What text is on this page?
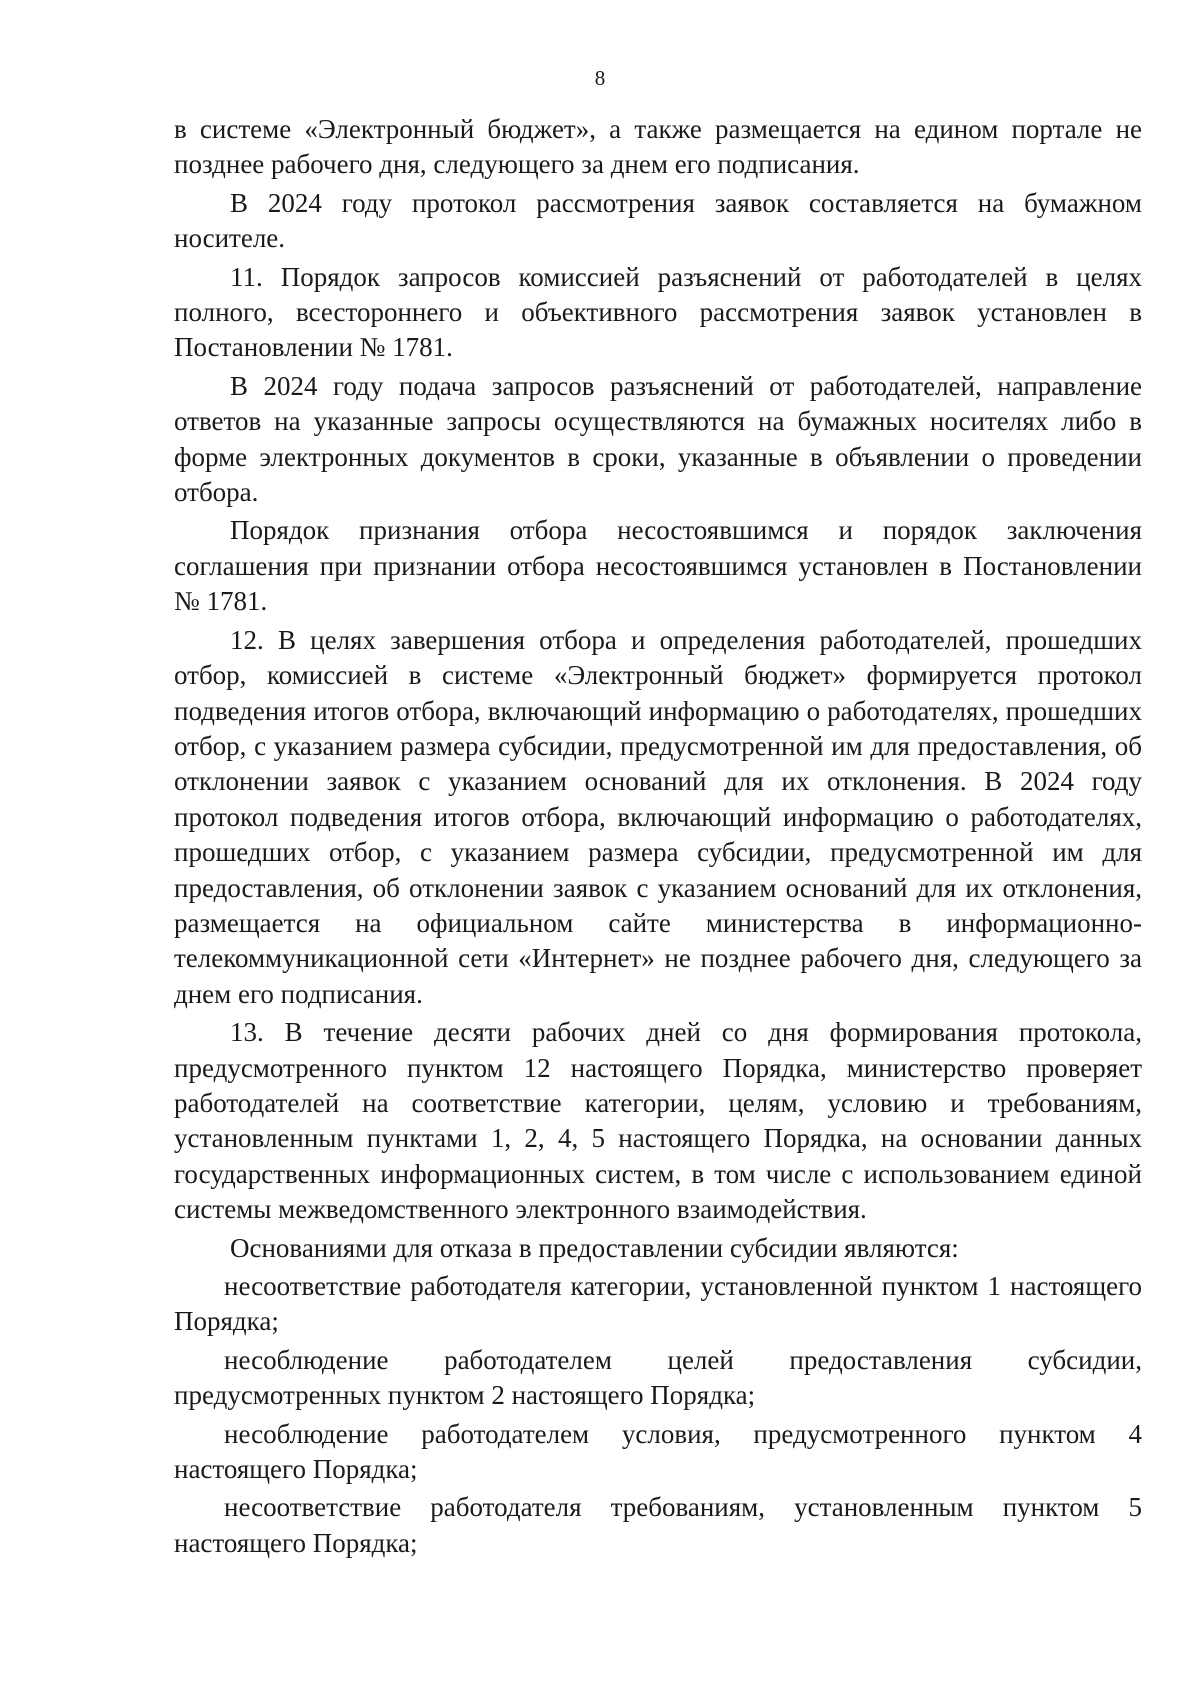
8

в системе «Электронный бюджет», а также размещается на едином портале не позднее рабочего дня, следующего за днем его подписания.

В 2024 году протокол рассмотрения заявок составляется на бумажном носителе.

11. Порядок запросов комиссией разъяснений от работодателей в целях полного, всестороннего и объективного рассмотрения заявок установлен в Постановлении № 1781.

В 2024 году подача запросов разъяснений от работодателей, направление ответов на указанные запросы осуществляются на бумажных носителях либо в форме электронных документов в сроки, указанные в объявлении о проведении отбора.

Порядок признания отбора несостоявшимся и порядок заключения соглашения при признании отбора несостоявшимся установлен в Постановлении № 1781.

12. В целях завершения отбора и определения работодателей, прошедших отбор, комиссией в системе «Электронный бюджет» формируется протокол подведения итогов отбора, включающий информацию о работодателях, прошедших отбор, с указанием размера субсидии, предусмотренной им для предоставления, об отклонении заявок с указанием оснований для их отклонения. В 2024 году протокол подведения итогов отбора, включающий информацию о работодателях, прошедших отбор, с указанием размера субсидии, предусмотренной им для предоставления, об отклонении заявок с указанием оснований для их отклонения, размещается на официальном сайте министерства в информационно-телекоммуникационной сети «Интернет» не позднее рабочего дня, следующего за днем его подписания.

13. В течение десяти рабочих дней со дня формирования протокола, предусмотренного пунктом 12 настоящего Порядка, министерство проверяет работодателей на соответствие категории, целям, условию и требованиям, установленным пунктами 1, 2, 4, 5 настоящего Порядка, на основании данных государственных информационных систем, в том числе с использованием единой системы межведомственного электронного взаимодействия.

Основаниями для отказа в предоставлении субсидии являются:

несоответствие работодателя категории, установленной пунктом 1 настоящего Порядка;

несоблюдение работодателем целей предоставления субсидии, предусмотренных пунктом 2 настоящего Порядка;

несоблюдение работодателем условия, предусмотренного пунктом 4 настоящего Порядка;

несоответствие работодателя требованиям, установленным пунктом 5 настоящего Порядка;
